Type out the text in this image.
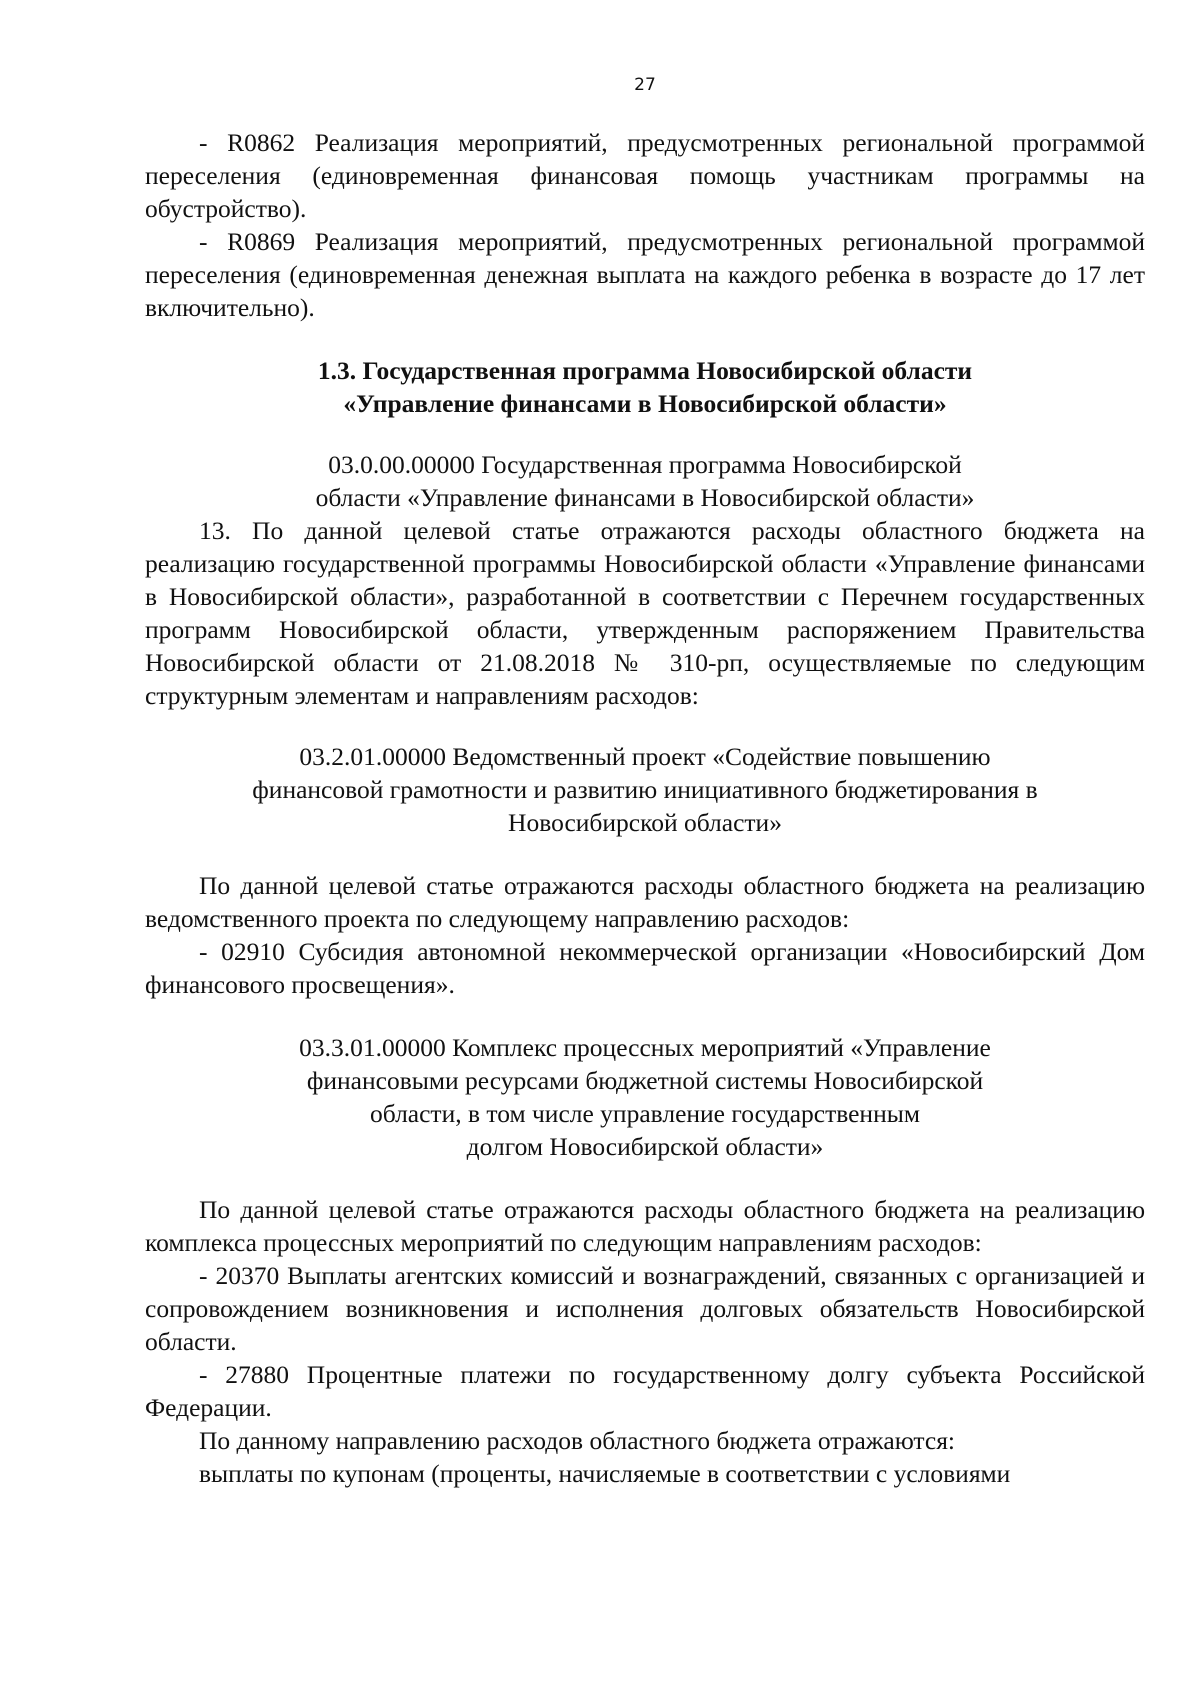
27

- R0862 Реализация мероприятий, предусмотренных региональной программой переселения (единовременная финансовая помощь участникам программы на обустройство).

- R0869 Реализация мероприятий, предусмотренных региональной программой переселения (единовременная денежная выплата на каждого ребенка в возрасте до 17 лет включительно).

1.3. Государственная программа Новосибирской области
«Управление финансами в Новосибирской области»

03.0.00.00000 Государственная программа Новосибирской
области «Управление финансами в Новосибирской области»

13. По данной целевой статье отражаются расходы областного бюджета на реализацию государственной программы Новосибирской области «Управление финансами в Новосибирской области», разработанной в соответствии с Перечнем государственных программ Новосибирской области, утвержденным распоряжением Правительства Новосибирской области от 21.08.2018 № 310-рп, осуществляемые по следующим структурным элементам и направлениям расходов:

03.2.01.00000 Ведомственный проект «Содействие повышению
финансовой грамотности и развитию инициативного бюджетирования в
Новосибирской области»

По данной целевой статье отражаются расходы областного бюджета на реализацию ведомственного проекта по следующему направлению расходов:

- 02910 Субсидия автономной некоммерческой организации «Новосибирский Дом финансового просвещения».

03.3.01.00000 Комплекс процессных мероприятий «Управление
финансовыми ресурсами бюджетной системы Новосибирской
области, в том числе управление государственным
долгом Новосибирской области»

По данной целевой статье отражаются расходы областного бюджета на реализацию комплекса процессных мероприятий по следующим направлениям расходов:

- 20370 Выплаты агентских комиссий и вознаграждений, связанных с организацией и сопровождением возникновения и исполнения долговых обязательств Новосибирской области.

- 27880 Процентные платежи по государственному долгу субъекта Российской Федерации.

По данному направлению расходов областного бюджета отражаются:

выплаты по купонам (проценты, начисляемые в соответствии с условиями
